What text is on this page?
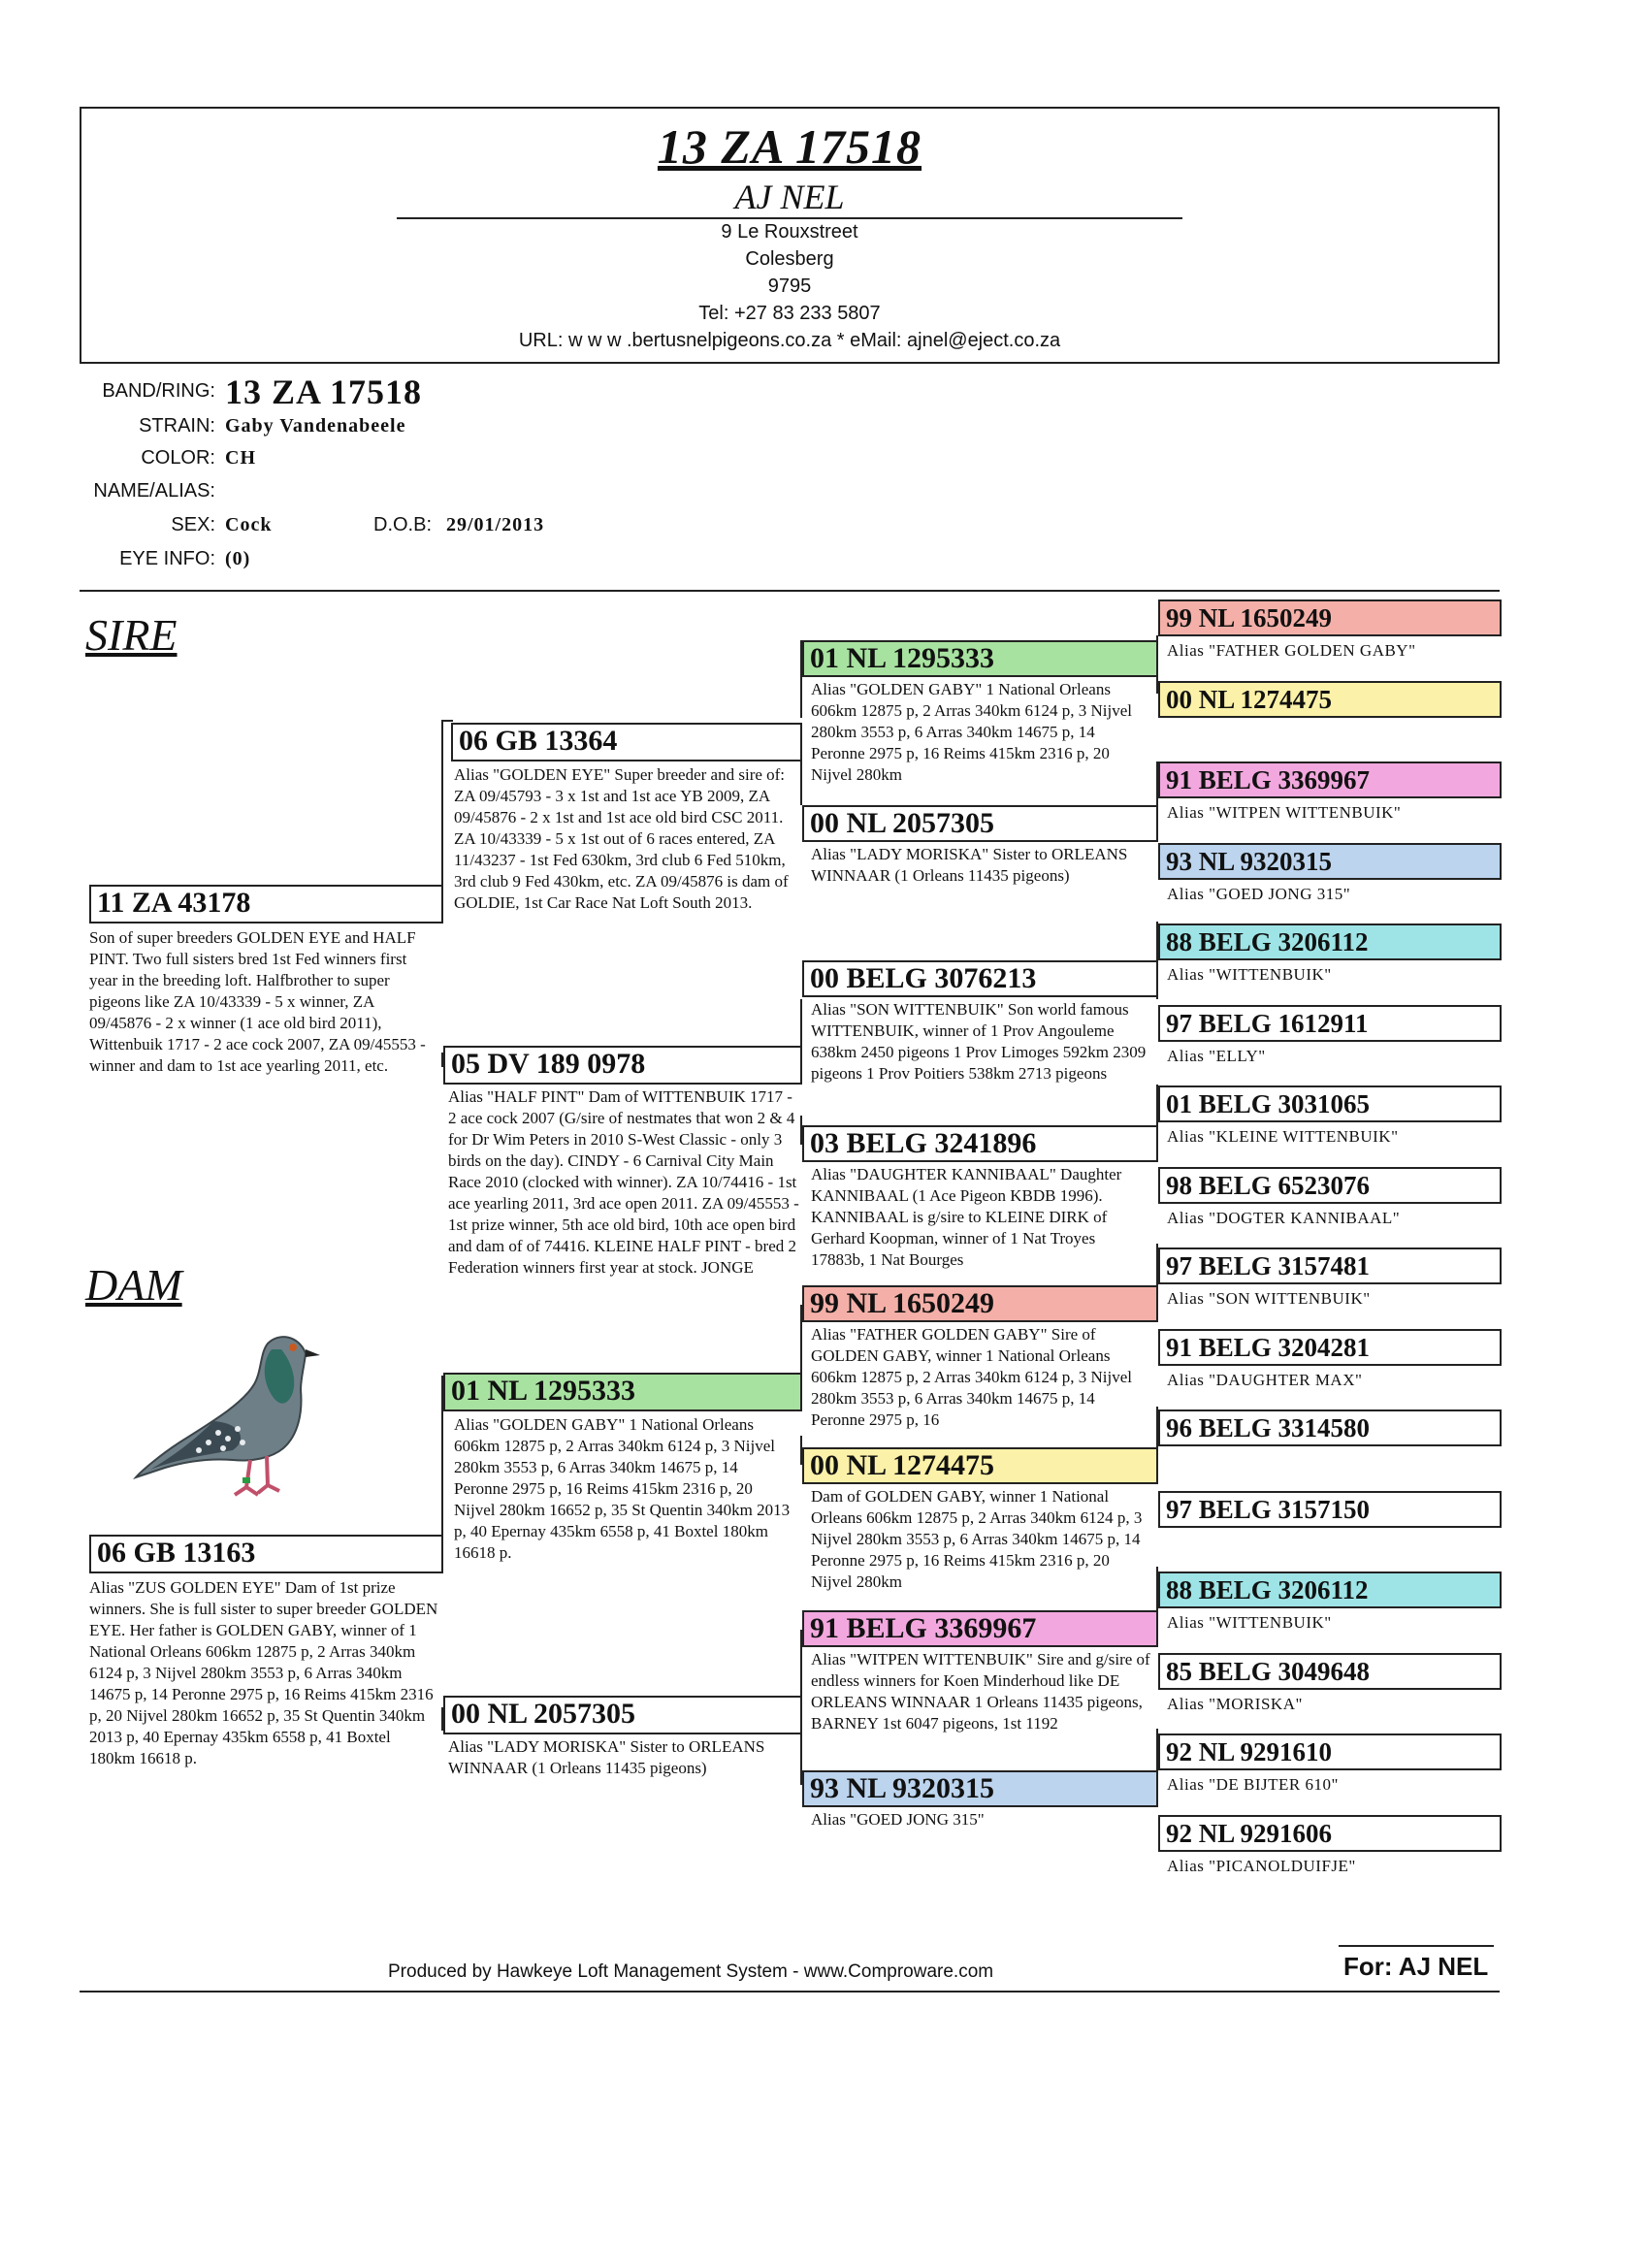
13 ZA 17518
AJ NEL
9 Le Rouxstreet
Colesberg
9795
Tel: +27 83 233 5807
URL: w w w .bertusnelpigeons.co.za * eMail: ajnel@eject.co.za
BAND/RING: 13 ZA 17518
STRAIN: Gaby Vandenabeele
COLOR: CH
NAME/ALIAS:
SEX: Cock	D.O.B: 29/01/2013
EYE INFO: (0)
SIRE
DAM
11 ZA 43178
Son of super breeders GOLDEN EYE and HALF PINT. Two full sisters bred 1st Fed winners first year in the breeding loft. Halfbrother to super pigeons like ZA 10/43339 - 5 x winner, ZA 09/45876 - 2 x winner (1 ace old bird 2011), Wittenbuik 1717 - 2 ace cock 2007, ZA 09/45553 - winner and dam to 1st ace yearling 2011, etc.
06 GB 13163
Alias "ZUS GOLDEN EYE" Dam of 1st prize winners. She is full sister to super breeder GOLDEN EYE. Her father is GOLDEN GABY, winner of 1 National Orleans 606km 12875 p, 2 Arras 340km 6124 p, 3 Nijvel 280km 3553 p, 6 Arras 340km 14675 p, 14 Peronne 2975 p, 16 Reims 415km 2316 p, 20 Nijvel 280km 16652 p, 35 St Quentin 340km 2013 p, 40 Epernay 435km 6558 p, 41 Boxtel 180km 16618 p.
06 GB 13364
Alias "GOLDEN EYE" Super breeder and sire of: ZA 09/45793 - 3 x 1st and 1st ace YB 2009, ZA 09/45876 - 2 x 1st and 1st ace old bird CSC 2011. ZA 10/43339 - 5 x 1st out of 6 races entered, ZA 11/43237 - 1st Fed 630km, 3rd club 6 Fed 510km, 3rd club 9 Fed 430km, etc. ZA 09/45876 is dam of GOLDIE, 1st Car Race Nat Loft South 2013.
05 DV 189 0978
Alias "HALF PINT" Dam of WITTENBUIK 1717 - 2 ace cock 2007 (G/sire of nestmates that won 2 & 4 for Dr Wim Peters in 2010 S-West Classic - only 3 birds on the day). CINDY - 6 Carnival City Main Race 2010 (clocked with winner). ZA 10/74416 - 1st ace yearling 2011, 3rd ace open 2011. ZA 09/45553 - 1st prize winner, 5th ace old bird, 10th ace open bird and dam of of 74416. KLEINE HALF PINT - bred 2 Federation winners first year at stock. JONGE
01 NL 1295333
Alias "GOLDEN GABY" 1 National Orleans 606km 12875 p, 2 Arras 340km 6124 p, 3 Nijvel 280km 3553 p, 6 Arras 340km 14675 p, 14 Peronne 2975 p, 16 Reims 415km 2316 p, 20 Nijvel 280km 16652 p, 35 St Quentin 340km 2013 p, 40 Epernay 435km 6558 p, 41 Boxtel 180km 16618 p.
00 NL 2057305
Alias "LADY MORISKA" Sister to ORLEANS WINNAAR (1 Orleans 11435 pigeons)
01 NL 1295333
Alias "GOLDEN GABY" 1 National Orleans 606km 12875 p, 2 Arras 340km 6124 p, 3 Nijvel 280km 3553 p, 6 Arras 340km 14675 p, 14 Peronne 2975 p, 16 Reims 415km 2316 p, 20 Nijvel 280km
00 NL 2057305
Alias "LADY MORISKA" Sister to ORLEANS WINNAAR (1 Orleans 11435 pigeons)
00 BELG 3076213
Alias "SON WITTENBUIK" Son world famous WITTENBUIK, winner of 1 Prov Angouleme 638km 2450 pigeons 1 Prov Limoges 592km 2309 pigeons 1 Prov Poitiers 538km 2713 pigeons
03 BELG 3241896
Alias "DAUGHTER KANNIBAAL" Daughter KANNIBAAL (1 Ace Pigeon KBDB 1996). KANNIBAAL is g/sire to KLEINE DIRK of Gerhard Koopman, winner of 1 Nat Troyes 17883b, 1 Nat Bourges
99 NL 1650249
Alias "FATHER GOLDEN GABY" Sire of GOLDEN GABY, winner 1 National Orleans 606km 12875 p, 2 Arras 340km 6124 p, 3 Nijvel 280km 3553 p, 6 Arras 340km 14675 p, 14 Peronne 2975 p, 16
00 NL 1274475
Dam of GOLDEN GABY, winner 1 National Orleans 606km 12875 p, 2 Arras 340km 6124 p, 3 Nijvel 280km 3553 p, 6 Arras 340km 14675 p, 14 Peronne 2975 p, 16 Reims 415km 2316 p, 20 Nijvel 280km
91 BELG 3369967
Alias "WITPEN WITTENBUIK" Sire and g/sire of endless winners for Koen Minderhoud like DE ORLEANS WINNAAR 1 Orleans 11435 pigeons, BARNEY 1st 6047 pigeons, 1st 1192
93 NL 9320315
Alias "GOED JONG 315"
99 NL 1650249
Alias "FATHER GOLDEN GABY"
00 NL 1274475
91 BELG 3369967
Alias "WITPEN WITTENBUIK"
93 NL 9320315
Alias "GOED JONG 315"
88 BELG 3206112
Alias "WITTENBUIK"
97 BELG 1612911
Alias "ELLY"
01 BELG 3031065
Alias "KLEINE WITTENBUIK"
98 BELG 6523076
Alias "DOGTER KANNIBAAL"
97 BELG 3157481
Alias "SON WITTENBUIK"
91 BELG 3204281
Alias "DAUGHTER MAX"
96 BELG 3314580
97 BELG 3157150
88 BELG 3206112
Alias "WITTENBUIK"
85 BELG 3049648
Alias "MORISKA"
92 NL 9291610
Alias "DE BIJTER 610"
92 NL 9291606
Alias "PICANOLDUIFJE"
Produced by Hawkeye Loft Management System - www.Comproware.com	For: AJ NEL
